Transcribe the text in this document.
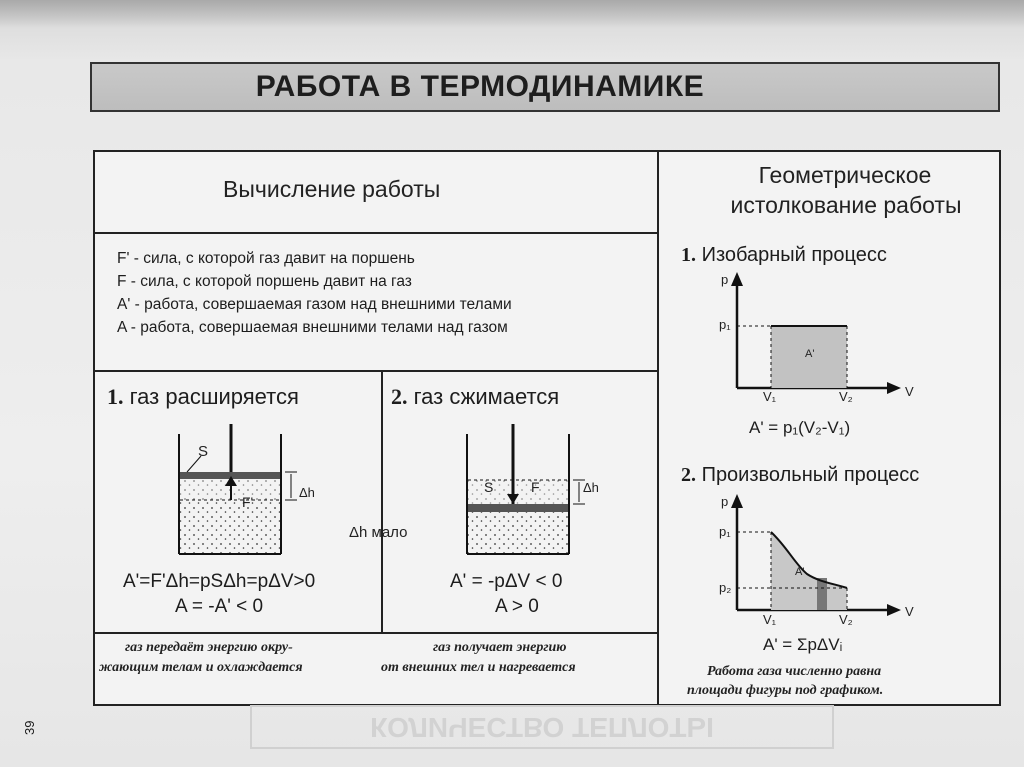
РАБОТА В ТЕРМОДИНАМИКЕ
Вычисление работы
Геометрическое
истолкование работы
F' - сила, с которой газ давит на поршень
F - сила, с которой поршень давит на газ
A' - работа, совершаемая газом над внешними телами
A - работа, совершаемая внешними телами над газом
1. газ расширяется
S
F'
Δh
A'=F'Δh=pSΔh=pΔV>0
A = -A' < 0
газ передаёт энергию окру-
жающим телам и охлаждается
2. газ сжимается
S	F	Δh
Δh мало
A' = -pΔV < 0
A > 0
газ получает энергию
от внешних тел и нагревается
1. Изобарный процесс
p
V
p₁
V₁	V₂
A'
A' = p₁(V₂-V₁)
2. Произвольный процесс
p
V
p₁
p₂
V₁	V₂
A'
A' = ΣpΔVᵢ
Работа газа численно равна
площади фигуры под графиком.
КОЛИЧЕСТВО ТЕПЛОТЫ
39
